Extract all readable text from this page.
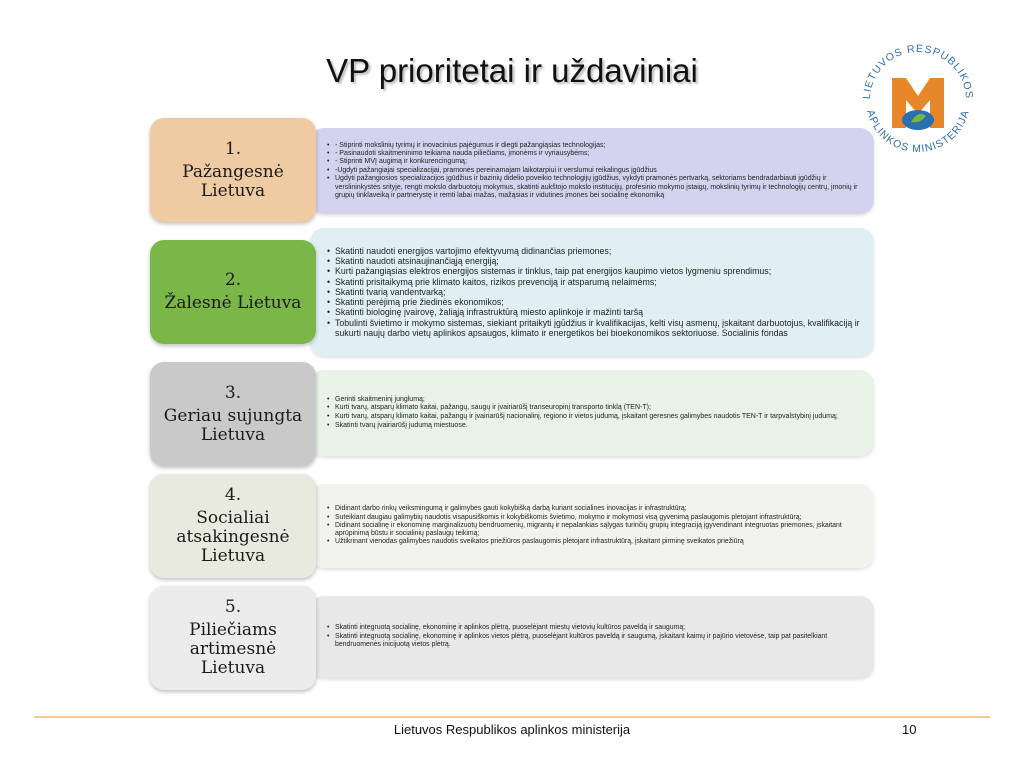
VP prioritetai ir uždaviniai
LIETUVOS RESPUBLIKOS
APLINKOS MINISTERIJA
• - Stiprinti mokslinių tyrimų ir inovacinius pajėgumus ir diegti pažangiąsias technologijas;
• - Pasinaudoti skaitmeninimo teikiama nauda piliečiams, įmonėms ir vyriausybėms;
• - Stiprinti MVĮ augimą ir konkurencingumą;
• -Ugdyti pažangiajai specializacijai, pramonės pereinamajam laikotarpiui ir verslumui reikalingus įgūdžius
• Ugdyti pažangiosios specializacijos įgūdžius ir bazinių didelio poveikio technologijų įgūdžius, vykdyti pramonės pertvarką, sektoriams bendradarbiauti įgūdžių ir verslininkystės srityje, rengti mokslo darbuotojų mokymus, skatinti aukštojo mokslo institucijų, profesinio mokymo įstaigų, mokslinių tyrimų ir technologijų centrų, įmonių ir grupių tinklaveiką ir partnerystę ir remti labai mažas, mažąsias ir vidutines įmones bei socialinę ekonomiką
1.
Pažangesnė Lietuva
• Skatinti naudoti energijos vartojimo efektyvumą didinančias priemones;
• Skatinti naudoti atsinaujinančiąją energiją;
• Kurti pažangiąsias elektros energijos sistemas ir tinklus, taip pat energijos kaupimo vietos lygmeniu sprendimus;
• Skatinti prisitaikymą prie klimato kaitos, rizikos prevenciją ir atsparumą nelaimėms;
• Skatinti tvarią vandentvarką;
• Skatinti perėjimą prie žiedinės ekonomikos;
• Skatinti biologinę įvairovę, žaliąją infrastruktūrą miesto aplinkoje ir mažinti taršą
• Tobulinti švietimo ir mokymo sistemas, siekiant pritaikyti įgūdžius ir kvalifikacijas, kelti visų asmenų, įskaitant darbuotojus, kvalifikaciją ir sukurti naujų darbo vietų aplinkos apsaugos, klimato ir energetikos bei bioekonomikos sektoriuose. Socialinis fondas
2.
Žalesnė Lietuva
• Gerinti skaitmeninį junglumą;
• Kurti tvarų, atsparų klimato kaitai, pažangų, saugų ir įvairiarūšį transeuropinį transporto tinklą (TEN-T);
• Kurti tvarų, atsparų klimato kaitai, pažangų ir įvairiarūšį nacionalinį, regiono ir vietos judumą, įskaitant geresnes galimybes naudotis TEN-T ir tarpvalstybinį judumą;
• Skatinti tvarų įvairiarūšį judumą miestuose.
3.
Geriau sujungta Lietuva
• Didinant darbo rinkų veiksmingumą ir galimybes gauti kokybišką darbą kuriant socialines inovacijas ir infrastruktūrą;
• Suteikiant daugiau galimybių naudotis visapusiškomis ir kokybiškomis švietimo, mokymo ir mokymosi visą gyvenimą paslaugomis plėtojant infrastruktūrą;
• Didinant socialinę ir ekonominę marginalizuotų bendruomenių, migrantų ir nepalankias sąlygas turinčių grupių integraciją įgyvendinant integruotas priemones, įskaitant aprūpinimą būstu ir socialinių paslaugų teikimą;
• Užtikrinant vienodas galimybes naudotis sveikatos priežiūros paslaugomis plėtojant infrastruktūrą, įskaitant pirminę sveikatos priežiūrą
4.
Socialiai atsakingesnė Lietuva
• Skatinti integruotą socialinę, ekonominę ir aplinkos plėtrą, puoselėjant miestų vietovių kultūros paveldą ir saugumą;
• Skatinti integruotą socialinę, ekonominę ir aplinkos vietos plėtrą, puoselėjant kultūros paveldą ir saugumą, įskaitant kaimų ir pajūrio vietovėse, taip pat pasitelkiant bendruomenės inicijuotą vietos plėtrą.
5.
Piliečiams artimesnė Lietuva
Lietuvos Respublikos aplinkos ministerija	10
